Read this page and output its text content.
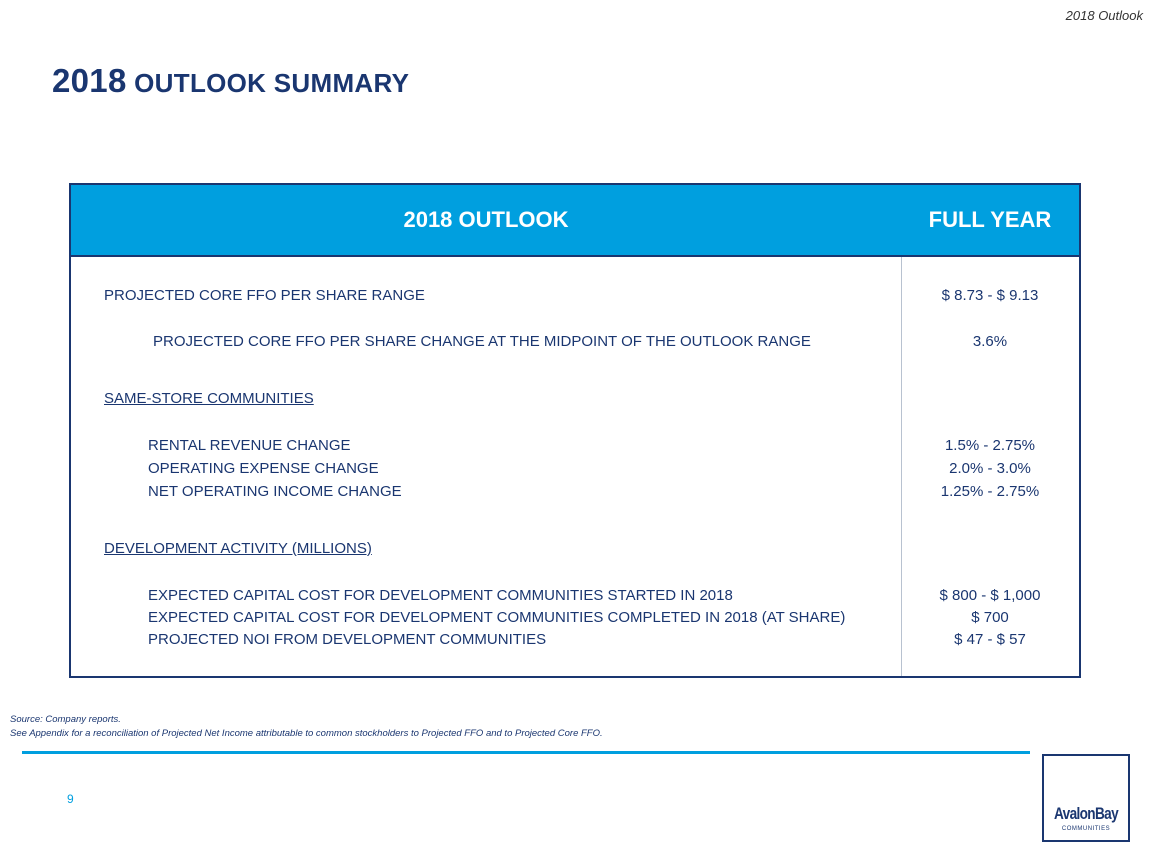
2018 Outlook
2018 OUTLOOK SUMMARY
2018 OUTLOOK	FULL YEAR
PROJECTED CORE FFO PER SHARE RANGE	$ 8.73 - $ 9.13
PROJECTED CORE FFO PER SHARE CHANGE AT THE MIDPOINT OF THE OUTLOOK RANGE	3.6%
SAME-STORE COMMUNITIES
RENTAL REVENUE CHANGE	1.5% - 2.75%
OPERATING EXPENSE CHANGE	2.0% - 3.0%
NET OPERATING INCOME CHANGE	1.25% - 2.75%
DEVELOPMENT ACTIVITY (MILLIONS)
EXPECTED CAPITAL COST FOR DEVELOPMENT COMMUNITIES STARTED IN 2018	$ 800 - $ 1,000
EXPECTED CAPITAL COST FOR DEVELOPMENT COMMUNITIES COMPLETED IN 2018 (AT SHARE)	$ 700
PROJECTED NOI FROM DEVELOPMENT COMMUNITIES	$ 47 - $ 57
Source: Company reports.
See Appendix for a reconciliation of Projected Net Income attributable to common stockholders to Projected FFO and to Projected Core FFO.
9
AvalonBay
COMMUNITIES
